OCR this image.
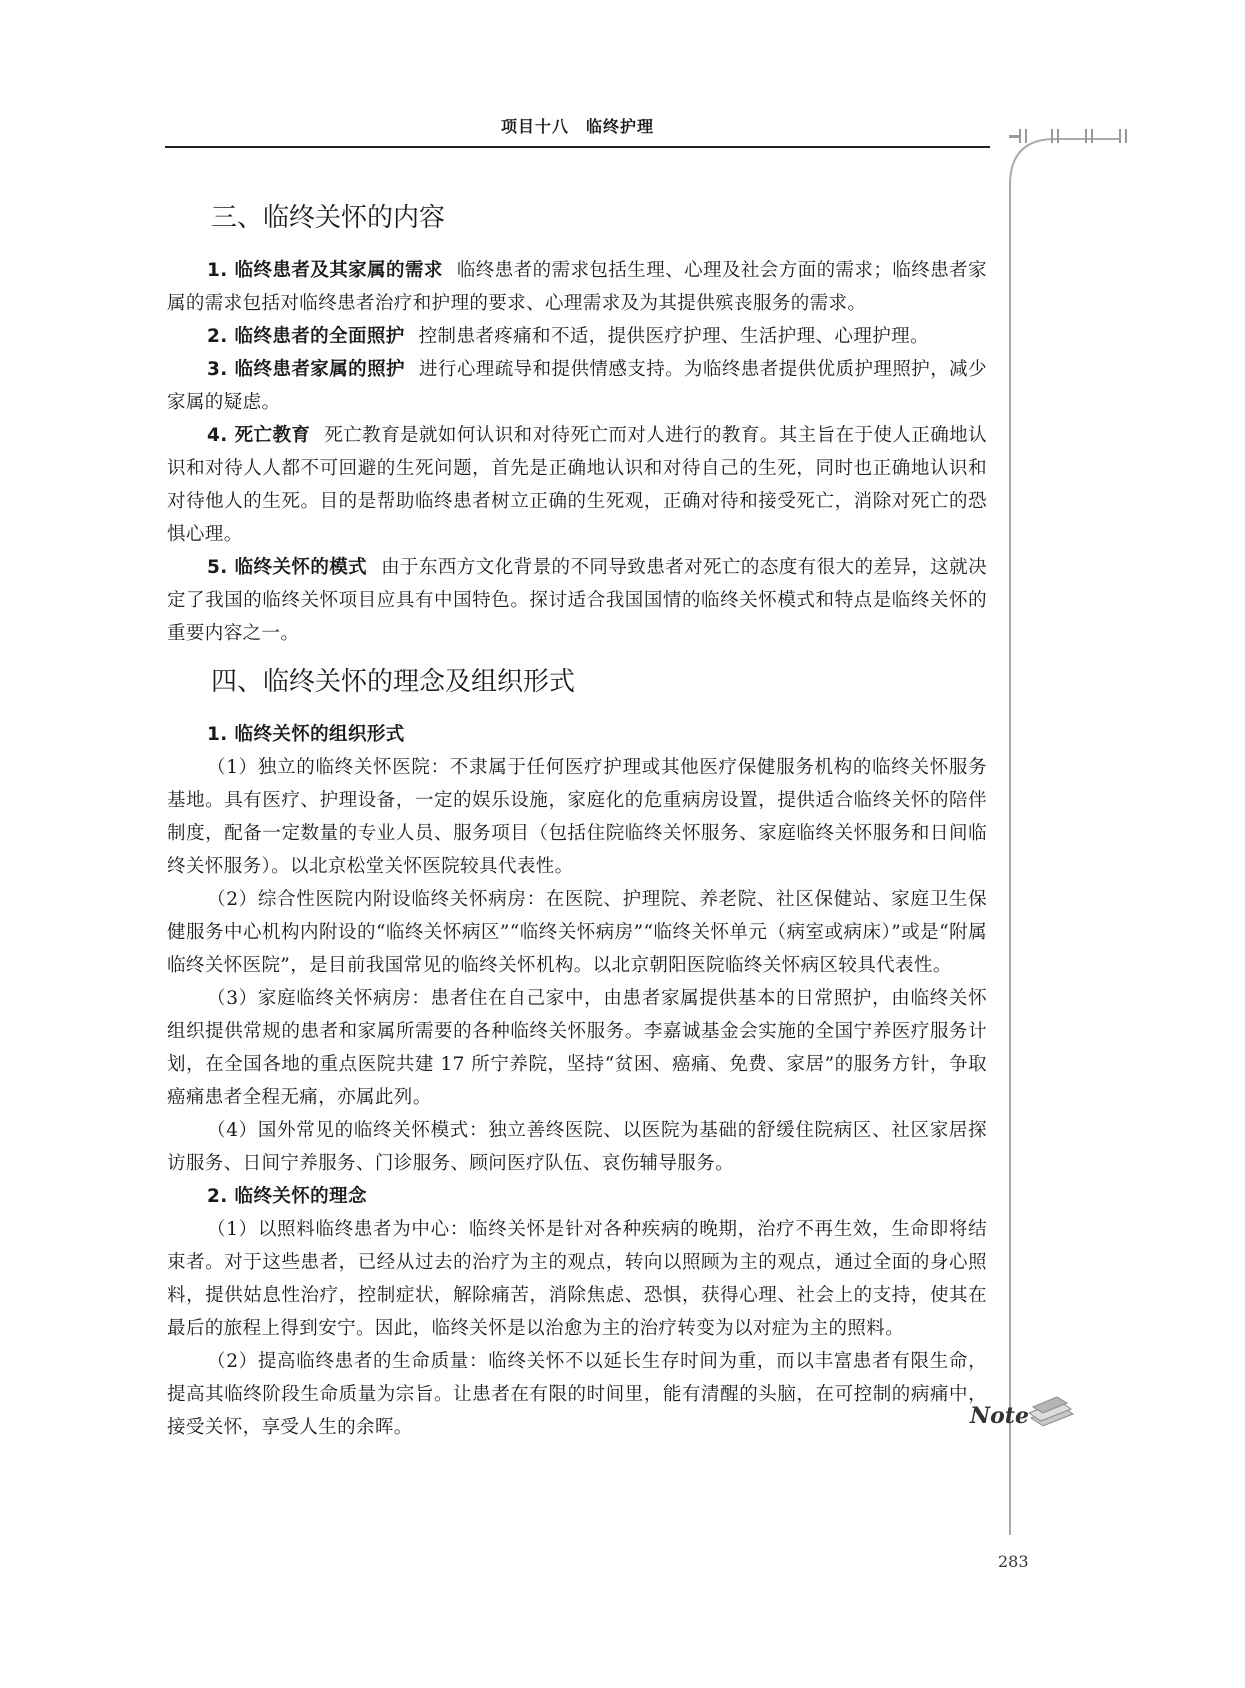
项目十八　临终护理
Note
三、临终关怀的内容

1. 临终患者及其家属的需求 临终患者的需求包括生理、心理及社会方面的需求；临终患者家属的需求包括对临终患者治疗和护理的要求、心理需求及为其提供殡丧服务的需求。

2. 临终患者的全面照护 控制患者疼痛和不适，提供医疗护理、生活护理、心理护理。

3. 临终患者家属的照护 进行心理疏导和提供情感支持。为临终患者提供优质护理照护，减少家属的疑虑。

4. 死亡教育 死亡教育是就如何认识和对待死亡而对人进行的教育。其主旨在于使人正确地认识和对待人人都不可回避的生死问题，首先是正确地认识和对待自己的生死，同时也正确地认识和对待他人的生死。目的是帮助临终患者树立正确的生死观，正确对待和接受死亡，消除对死亡的恐惧心理。

5. 临终关怀的模式 由于东西方文化背景的不同导致患者对死亡的态度有很大的差异，这就决定了我国的临终关怀项目应具有中国特色。探讨适合我国国情的临终关怀模式和特点是临终关怀的重要内容之一。

四、临终关怀的理念及组织形式

1. 临终关怀的组织形式

（1）独立的临终关怀医院：不隶属于任何医疗护理或其他医疗保健服务机构的临终关怀服务基地。具有医疗、护理设备，一定的娱乐设施，家庭化的危重病房设置，提供适合临终关怀的陪伴制度，配备一定数量的专业人员、服务项目（包括住院临终关怀服务、家庭临终关怀服务和日间临终关怀服务）。以北京松堂关怀医院较具代表性。

（2）综合性医院内附设临终关怀病房：在医院、护理院、养老院、社区保健站、家庭卫生保健服务中心机构内附设的“临终关怀病区”“临终关怀病房”“临终关怀单元（病室或病床）”或是“附属临终关怀医院”，是目前我国常见的临终关怀机构。以北京朝阳医院临终关怀病区较具代表性。

（3）家庭临终关怀病房：患者住在自己家中，由患者家属提供基本的日常照护，由临终关怀组织提供常规的患者和家属所需要的各种临终关怀服务。李嘉诚基金会实施的全国宁养医疗服务计划，在全国各地的重点医院共建 17 所宁养院，坚持“贫困、癌痛、免费、家居”的服务方针，争取癌痛患者全程无痛，亦属此列。

（4）国外常见的临终关怀模式：独立善终医院、以医院为基础的舒缓住院病区、社区家居探访服务、日间宁养服务、门诊服务、顾问医疗队伍、哀伤辅导服务。

2. 临终关怀的理念

（1）以照料临终患者为中心：临终关怀是针对各种疾病的晚期，治疗不再生效，生命即将结束者。对于这些患者，已经从过去的治疗为主的观点，转向以照顾为主的观点，通过全面的身心照料，提供姑息性治疗，控制症状，解除痛苦，消除焦虑、恐惧，获得心理、社会上的支持，使其在最后的旅程上得到安宁。因此，临终关怀是以治愈为主的治疗转变为以对症为主的照料。

（2）提高临终患者的生命质量：临终关怀不以延长生存时间为重，而以丰富患者有限生命，提高其临终阶段生命质量为宗旨。让患者在有限的时间里，能有清醒的头脑，在可控制的病痛中，接受关怀，享受人生的余晖。

283
